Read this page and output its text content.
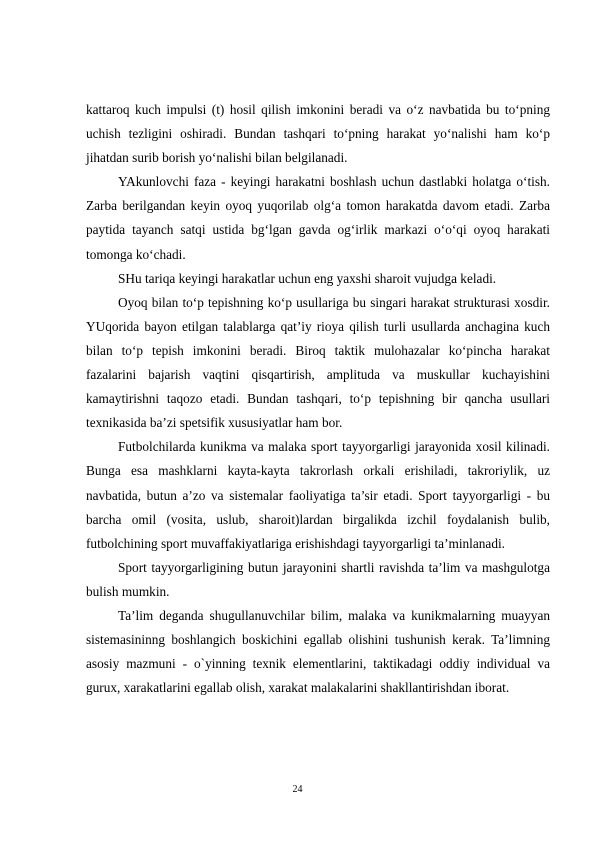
kattaroq kuch impulsi (t) hosil qilish imkonini beradi va o‘z navbatida bu to‘pning uchish tezligini oshiradi. Bundan tashqari to‘pning harakat yo‘nalishi ham ko‘p jihatdan surib borish yo‘nalishi bilan belgilanadi.

YAkunlovchi faza - keyingi harakatni boshlash uchun dastlabki holatga o‘tish. Zarba berilgandan keyin oyoq yuqorilab olg‘a tomon harakatda davom etadi. Zarba paytida tayanch satqi ustida bg‘lgan gavda og‘irlik markazi o‘o‘qi oyoq harakati tomonga ko‘chadi.

SHu tariqa keyingi harakatlar uchun eng yaxshi sharoit vujudga keladi.

Oyoq bilan to‘p tepishning ko‘p usullariga bu singari harakat strukturasi xosdir. YUqorida bayon etilgan talablarga qat’iy rioya qilish turli usullarda anchagina kuch bilan to‘p tepish imkonini beradi. Biroq taktik mulohazalar ko‘pincha harakat fazalarini bajarish vaqtini qisqartirish, amplituda va muskullar kuchayishini kamaytirishni taqozo etadi. Bundan tashqari, to‘p tepishning bir qancha usullari texnikasida ba’zi spetsifik xususiyatlar ham bor.

Futbolchilarda kunikma va malaka sport tayyorgarligi jarayonida xosil kilinadi. Bunga esa mashklarni kayta-kayta takrorlash orkali erishiladi, takroriylik, uz navbatida, butun a’zo va sistemalar faoliyatiga ta’sir etadi. Sport tayyorgarligi - bu barcha omil (vosita, uslub, sharoit)lardan birgalikda izchil foydalanish bulib, futbolchining sport muvaffakiyatlariga erishishdagi tayyorgarligi ta’minlanadi.

Sport tayyorgarligining butun jarayonini shartli ravishda ta’lim va mashgulotga bulish mumkin.

Ta’lim deganda shugullanuvchilar bilim, malaka va kunikmalarning muayyan sistemasininng boshlangich boskichini egallab olishini tushunish kerak. Ta’limning asosiy mazmuni - o`yinning texnik elementlarini, taktikadagi oddiy individual va gurux, xarakatlarini egallab olish, xarakat malakalarini shakllantirishdan iborat.

24
